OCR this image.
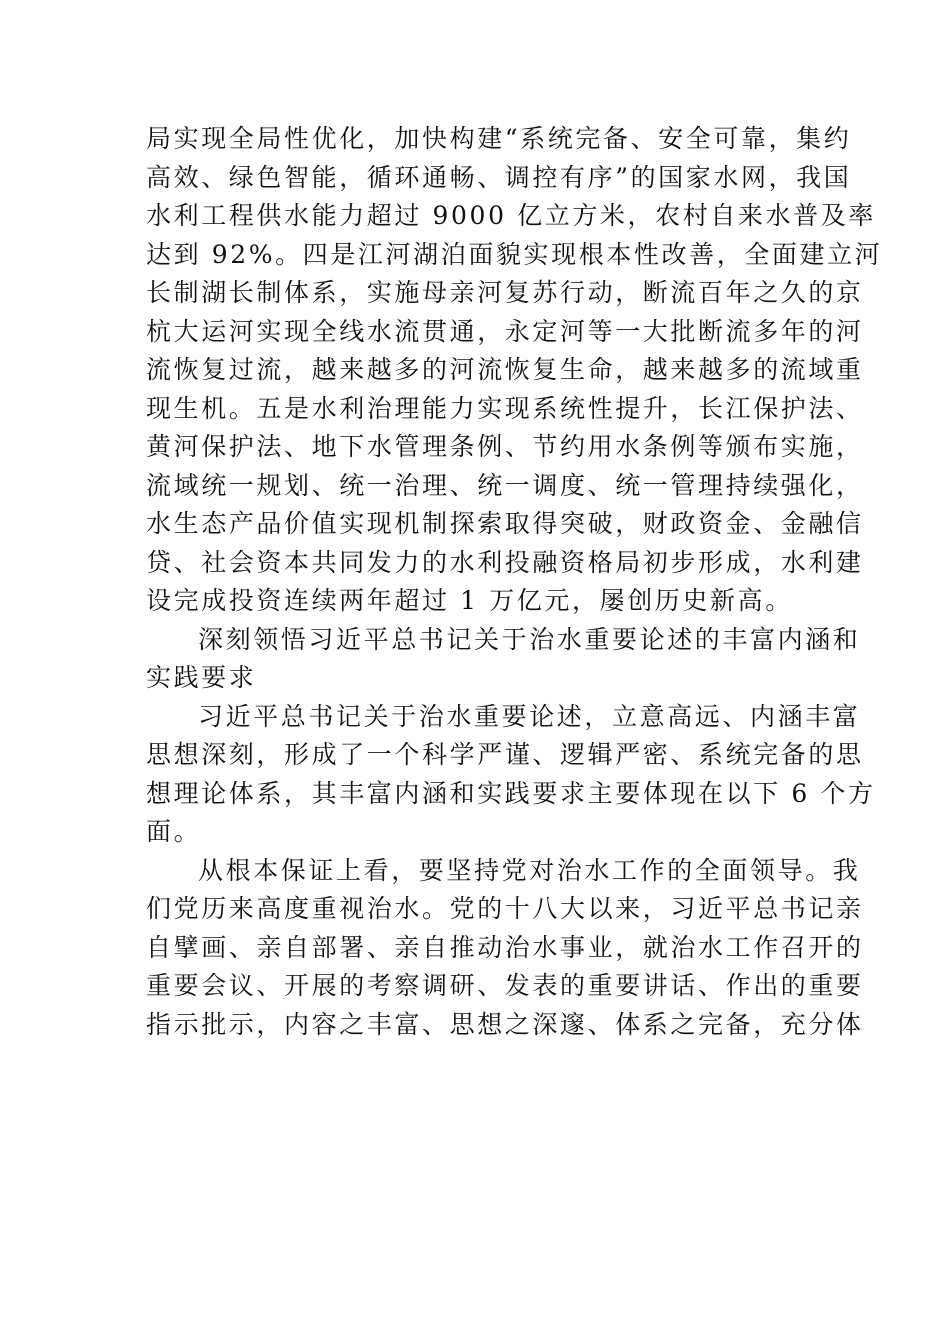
局实现全局性优化，加快构建“系统完备、安全可靠，集约
高效、绿色智能，循环通畅、调控有序”的国家水网，我国
水利工程供水能力超过 9000 亿立方米，农村自来水普及率
达到 92%。四是江河湖泊面貌实现根本性改善，全面建立河
长制湖长制体系，实施母亲河复苏行动，断流百年之久的京
杭大运河实现全线水流贯通，永定河等一大批断流多年的河
流恢复过流，越来越多的河流恢复生命，越来越多的流域重
现生机。五是水利治理能力实现系统性提升，长江保护法、
黄河保护法、地下水管理条例、节约用水条例等颁布实施，
流域统一规划、统一治理、统一调度、统一管理持续强化，
水生态产品价值实现机制探索取得突破，财政资金、金融信
贷、社会资本共同发力的水利投融资格局初步形成，水利建
设完成投资连续两年超过 1 万亿元，屡创历史新高。
深刻领悟习近平总书记关于治水重要论述的丰富内涵和
实践要求
习近平总书记关于治水重要论述，立意高远、内涵丰富
思想深刻，形成了一个科学严谨、逻辑严密、系统完备的思
想理论体系，其丰富内涵和实践要求主要体现在以下 6 个方
面。
从根本保证上看，要坚持党对治水工作的全面领导。我
们党历来高度重视治水。党的十八大以来，习近平总书记亲
自擘画、亲自部署、亲自推动治水事业，就治水工作召开的
重要会议、开展的考察调研、发表的重要讲话、作出的重要
指示批示，内容之丰富、思想之深邃、体系之完备，充分体
